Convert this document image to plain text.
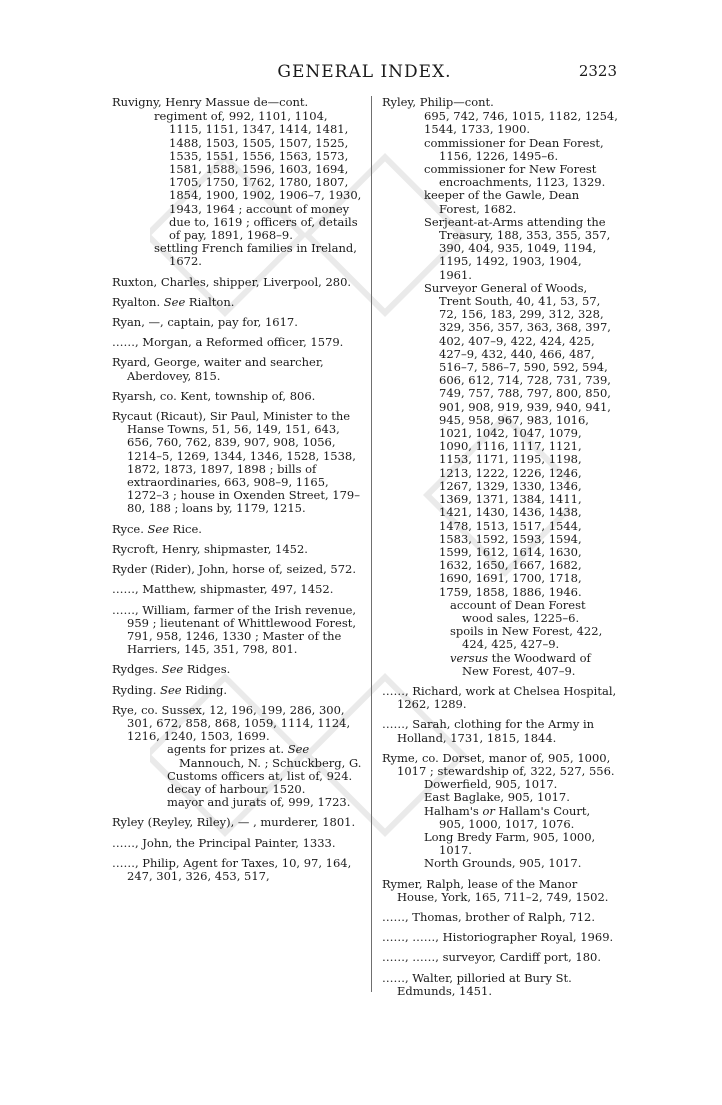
GENERAL INDEX.	2323
Ruvigny, Henry Massue de—cont.
regiment of, 992, 1101, 1104, 1115, 1151, 1347, 1414, 1481, 1488, 1503, 1505, 1507, 1525, 1535, 1551, 1556, 1563, 1573, 1581, 1588, 1596, 1603, 1694, 1705, 1750, 1762, 1780, 1807, 1854, 1900, 1902, 1906–7, 1930, 1943, 1964 ; account of money due to, 1619 ; officers of, details of pay, 1891, 1968–9.
settling French families in Ireland, 1672.
Ruxton, Charles, shipper, Liverpool, 280.
Ryalton. See Rialton.
Ryan, —, captain, pay for, 1617.
……, Morgan, a Reformed officer, 1579.
Ryard, George, waiter and searcher, Aberdovey, 815.
Ryarsh, co. Kent, township of, 806.
Rycaut (Ricaut), Sir Paul, Minister to the Hanse Towns, 51, 56, 149, 151, 643, 656, 760, 762, 839, 907, 908, 1056, 1214–5, 1269, 1344, 1346, 1528, 1538, 1872, 1873, 1897, 1898 ; bills of extraordinaries, 663, 908–9, 1165, 1272–3 ; house in Oxenden Street, 179–80, 188 ; loans by, 1179, 1215.
Ryce. See Rice.
Rycroft, Henry, shipmaster, 1452.
Ryder (Rider), John, horse of, seized, 572.
……, Matthew, shipmaster, 497, 1452.
……, William, farmer of the Irish revenue, 959 ; lieutenant of Whittlewood Forest, 791, 958, 1246, 1330 ; Master of the Harriers, 145, 351, 798, 801.
Rydges. See Ridges.
Ryding. See Riding.
Rye, co. Sussex, 12, 196, 199, 286, 300, 301, 672, 858, 868, 1059, 1114, 1124, 1216, 1240, 1503, 1699.
agents for prizes at. See Mannouch, N. ; Schuckberg, G.
Customs officers at, list of, 924.
decay of harbour, 1520.
mayor and jurats of, 999, 1723.
Ryley (Reyley, Riley), — , murderer, 1801.
……, John, the Principal Painter, 1333.
……, Philip, Agent for Taxes, 10, 97, 164, 247, 301, 326, 453, 517,
Ryley, Philip—cont.
695, 742, 746, 1015, 1182, 1254, 1544, 1733, 1900.
commissioner for Dean Forest, 1156, 1226, 1495–6.
commissioner for New Forest encroachments, 1123, 1329.
keeper of the Gawle, Dean Forest, 1682.
Serjeant-at-Arms attending the Treasury, 188, 353, 355, 357, 390, 404, 935, 1049, 1194, 1195, 1492, 1903, 1904, 1961.
Surveyor General of Woods, Trent South, 40, 41, 53, 57, 72, 156, 183, 299, 312, 328, 329, 356, 357, 363, 368, 397, 402, 407–9, 422, 424, 425, 427–9, 432, 440, 466, 487, 516–7, 586–7, 590, 592, 594, 606, 612, 714, 728, 731, 739, 749, 757, 788, 797, 800, 850, 901, 908, 919, 939, 940, 941, 945, 958, 967, 983, 1016, 1021, 1042, 1047, 1079, 1090, 1116, 1117, 1121, 1153, 1171, 1195, 1198, 1213, 1222, 1226, 1246, 1267, 1329, 1330, 1346, 1369, 1371, 1384, 1411, 1421, 1430, 1436, 1438, 1478, 1513, 1517, 1544, 1583, 1592, 1593, 1594, 1599, 1612, 1614, 1630, 1632, 1650, 1667, 1682, 1690, 1691, 1700, 1718, 1759, 1858, 1886, 1946.
account of Dean Forest wood sales, 1225–6.
spoils in New Forest, 422, 424, 425, 427–9.
versus the Woodward of New Forest, 407–9.
……, Richard, work at Chelsea Hospital, 1262, 1289.
……, Sarah, clothing for the Army in Holland, 1731, 1815, 1844.
Ryme, co. Dorset, manor of, 905, 1000, 1017 ; stewardship of, 322, 527, 556.
Dowerfield, 905, 1017.
East Baglake, 905, 1017.
Halham's or Hallam's Court, 905, 1000, 1017, 1076.
Long Bredy Farm, 905, 1000, 1017.
North Grounds, 905, 1017.
Rymer, Ralph, lease of the Manor House, York, 165, 711–2, 749, 1502.
……, Thomas, brother of Ralph, 712.
……, ……, Historiographer Royal, 1969.
……, ……, surveyor, Cardiff port, 180.
……, Walter, pilloried at Bury St. Edmunds, 1451.
